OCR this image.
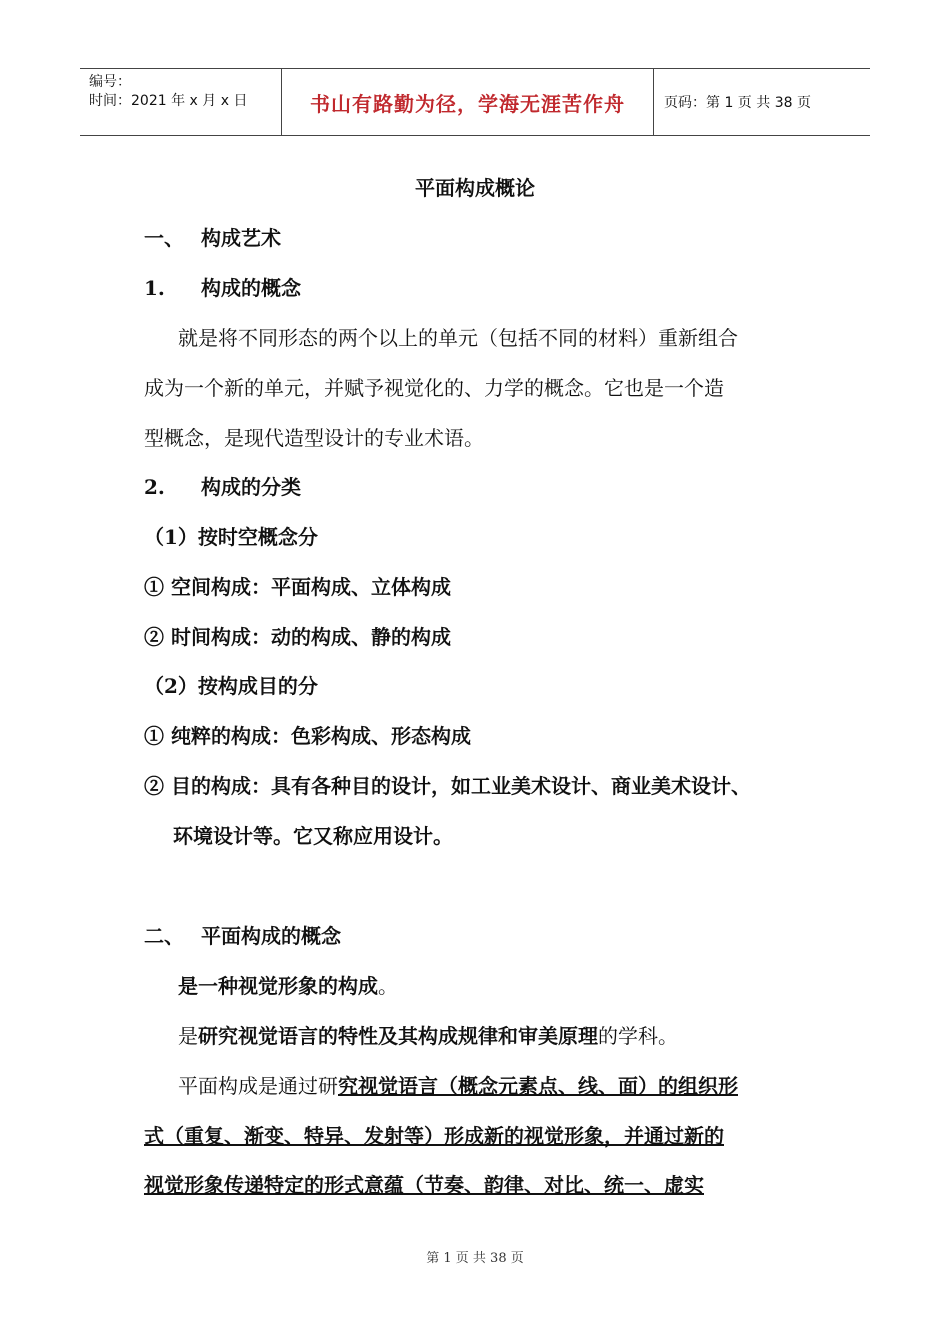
编号：
时间：2021 年 x 月 x 日	书山有路勤为径，学海无涯苦作舟	页码：第 1 页 共 38 页
平面构成概论
一、 构成艺术
1. 构成的概念
就是将不同形态的两个以上的单元（包括不同的材料）重新组合
成为一个新的单元，并赋予视觉化的、力学的概念。它也是一个造
型概念，是现代造型设计的专业术语。
2. 构成的分类
（1）按时空概念分
① 空间构成：平面构成、立体构成
② 时间构成：动的构成、静的构成
（2）按构成目的分
① 纯粹的构成：色彩构成、形态构成
② 目的构成：具有各种目的设计，如工业美术设计、商业美术设计、
环境设计等。它又称应用设计。
二、 平面构成的概念
是一种视觉形象的构成。
是研究视觉语言的特性及其构成规律和审美原理的学科。
平面构成是通过研究视觉语言（概念元素点、线、面）的组织形
式（重复、渐变、特异、发射等）形成新的视觉形象，并通过新的
视觉形象传递特定的形式意蕴（节奏、韵律、对比、统一、虚实
第 1 页 共 38 页
